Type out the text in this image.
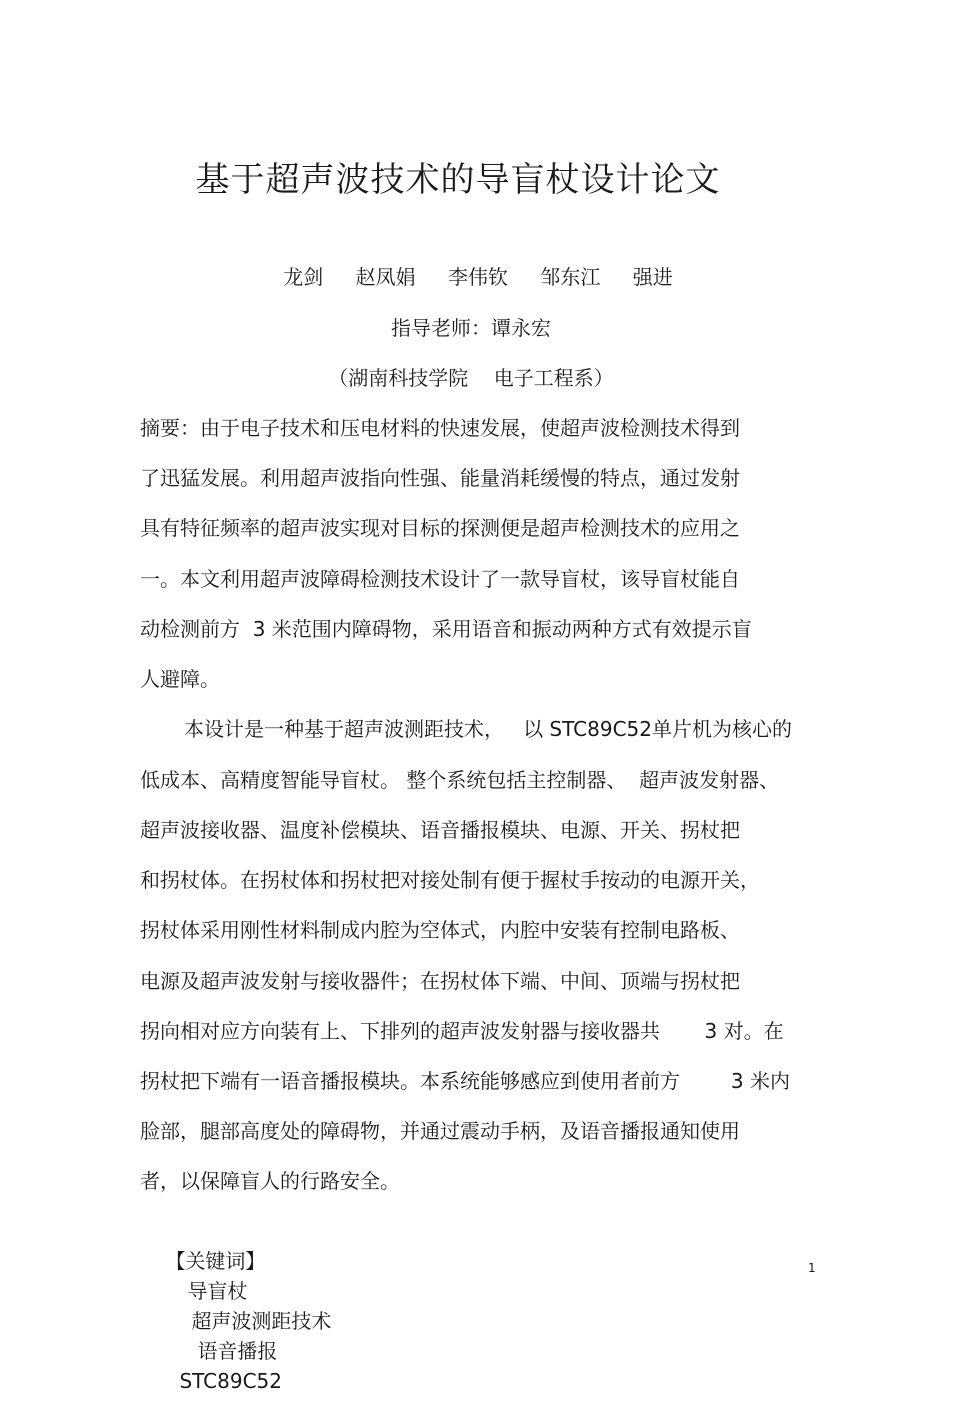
基于超声波技术的导盲杖设计论文
龙剑 赵凤娟 李伟钦 邹东江 强进
指导老师：谭永宏
（湖南科技学院    电子工程系）
摘要：由于电子技术和压电材料的快速发展，使超声波检测技术得到
了迅猛发展。利用超声波指向性强、能量消耗缓慢的特点，通过发射
具有特征频率的超声波实现对目标的探测便是超声检测技术的应用之
一。本文利用超声波障碍检测技术设计了一款导盲杖，该导盲杖能自
动检测前方  3 米范围内障碍物，采用语音和振动两种方式有效提示盲
人避障。
本设计是一种基于超声波测距技术，   以 STC89C52单片机为核心的
低成本、高精度智能导盲杖。 整个系统包括主控制器、  超声波发射器、
超声波接收器、温度补偿模块、语音播报模块、电源、开关、拐杖把
和拐杖体。在拐杖体和拐杖把对接处制有便于握杖手按动的电源开关，
拐杖体采用刚性材料制成内腔为空体式，内腔中安装有控制电路板、
电源及超声波发射与接收器件；在拐杖体下端、中间、顶端与拐杖把
拐向相对应方向装有上、下排列的超声波发射器与接收器共       3 对。在
拐杖把下端有一语音播报模块。本系统能够感应到使用者前方        3 米内
脸部，腿部高度处的障碍物，并通过震动手柄，及语音播报通知使用
者，以保障盲人的行路安全。

【关键词】
导盲杖
超声波测距技术
语音播报
STC89C52

1
